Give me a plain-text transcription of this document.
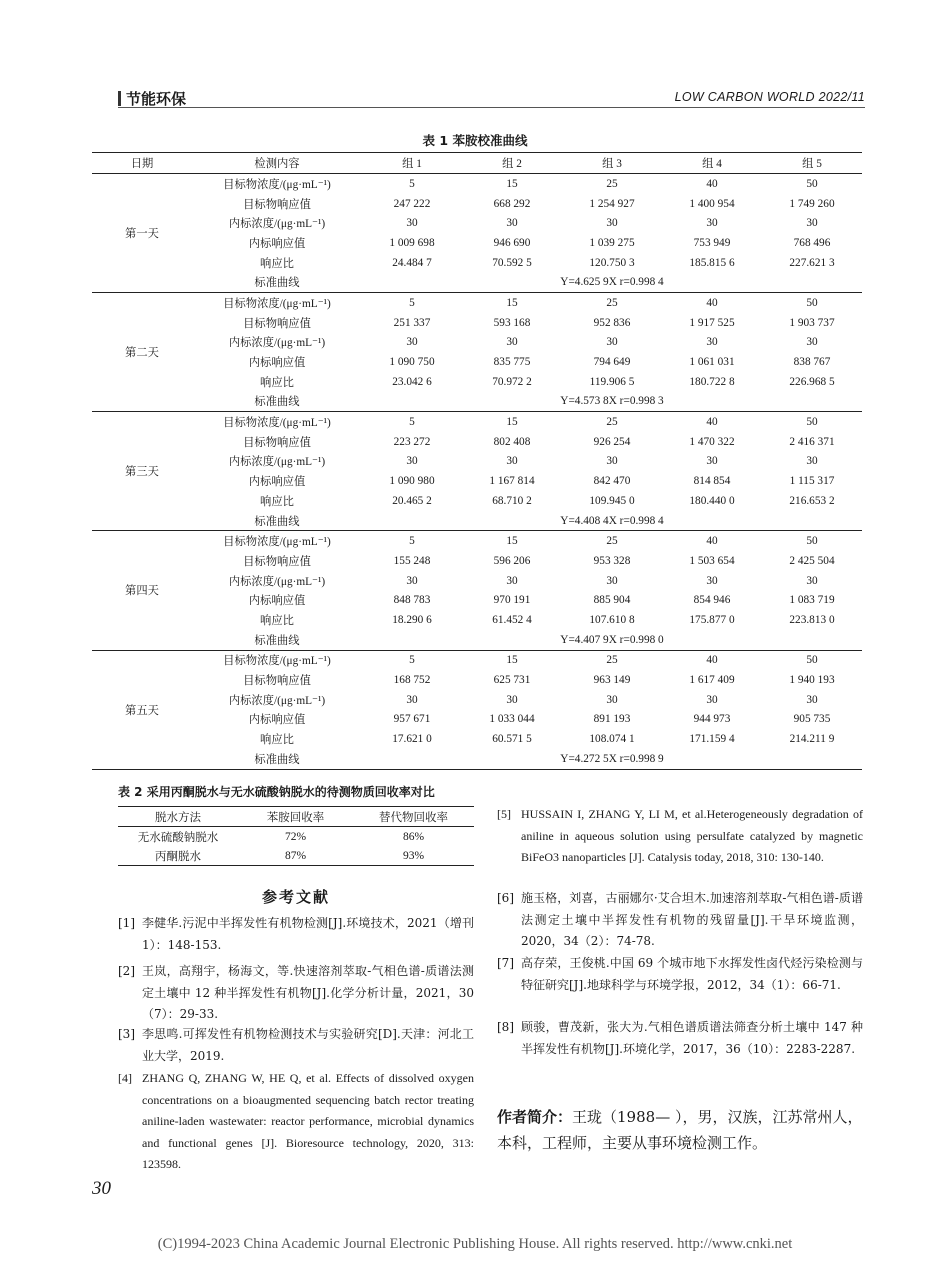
节能环保	LOW CARBON WORLD 2022/11
表 1 苯胺校准曲线
日期	检测内容	组 1	组 2	组 3	组 4	组 5
第一天	目标物浓度/(μg·mL⁻¹)	5	15	25	40	50
	目标物响应值	247 222	668 292	1 254 927	1 400 954	1 749 260
	内标浓度/(μg·mL⁻¹)	30	30	30	30	30
	内标响应值	1 009 698	946 690	1 039 275	753 949	768 496
	响应比	24.484 7	70.592 5	120.750 3	185.815 6	227.621 3
	标准曲线	Y=4.625 9X r=0.998 4				
第二天	目标物浓度/(μg·mL⁻¹)	5	15	25	40	50
	目标物响应值	251 337	593 168	952 836	1 917 525	1 903 737
	内标浓度/(μg·mL⁻¹)	30	30	30	30	30
	内标响应值	1 090 750	835 775	794 649	1 061 031	838 767
	响应比	23.042 6	70.972 2	119.906 5	180.722 8	226.968 5
	标准曲线	Y=4.573 8X r=0.998 3				
第三天	目标物浓度/(μg·mL⁻¹)	5	15	25	40	50
	目标物响应值	223 272	802 408	926 254	1 470 322	2 416 371
	内标浓度/(μg·mL⁻¹)	30	30	30	30	30
	内标响应值	1 090 980	1 167 814	842 470	814 854	1 115 317
	响应比	20.465 2	68.710 2	109.945 0	180.440 0	216.653 2
	标准曲线	Y=4.408 4X r=0.998 4				
第四天	目标物浓度/(μg·mL⁻¹)	5	15	25	40	50
	目标物响应值	155 248	596 206	953 328	1 503 654	2 425 504
	内标浓度/(μg·mL⁻¹)	30	30	30	30	30
	内标响应值	848 783	970 191	885 904	854 946	1 083 719
	响应比	18.290 6	61.452 4	107.610 8	175.877 0	223.813 0
	标准曲线	Y=4.407 9X r=0.998 0				
第五天	目标物浓度/(μg·mL⁻¹)	5	15	25	40	50
	目标物响应值	168 752	625 731	963 149	1 617 409	1 940 193
	内标浓度/(μg·mL⁻¹)	30	30	30	30	30
	内标响应值	957 671	1 033 044	891 193	944 973	905 735
	响应比	17.621 0	60.571 5	108.074 1	171.159 4	214.211 9
	标准曲线	Y=4.272 5X r=0.998 9				
表 2 采用丙酮脱水与无水硫酸钠脱水的待测物质回收率对比
脱水方法	苯胺回收率	替代物回收率
无水硫酸钠脱水	72%	86%
丙酮脱水	87%	93%
参考文献
[1] 李健华.污泥中半挥发性有机物检测[J].环境技术，2021（增刊 1）：148-153.
[2] 王岚，高翔宇，杨海文，等.快速溶剂萃取-气相色谱-质谱法测定土壤中 12 种半挥发性有机物[J].化学分析计量，2021，30（7）：29-33.
[3] 李思鸣.可挥发性有机物检测技术与实验研究[D].天津：河北工业大学，2019.
[4] ZHANG Q, ZHANG W, HE Q, et al. Effects of dissolved oxygen concentrations on a bioaugmented sequencing batch rector treating aniline-laden wastewater: reactor performance, microbial dynamics and functional genes [J]. Bioresource technology, 2020, 313: 123598.
[5] HUSSAIN I, ZHANG Y, LI M, et al.Heterogeneously degradation of aniline in aqueous solution using persulfate catalyzed by magnetic BiFeO3 nanoparticles [J]. Catalysis today, 2018, 310: 130-140.
[6] 施玉格，刘喜，古丽娜尔·艾合坦木.加速溶剂萃取-气相色谱-质谱法测定土壤中半挥发性有机物的残留量[J].干旱环境监测，2020，34（2）：74-78.
[7] 高存荣，王俊桃.中国 69 个城市地下水挥发性卤代烃污染检测与特征研究[J].地球科学与环境学报，2012，34（1）：66-71.
[8] 顾骏，曹茂新，张大为.气相色谱质谱法筛查分析土壤中 147 种半挥发性有机物[J].环境化学，2017，36（10）：2283-2287.
作者简介：王珑（1988— ），男，汉族，江苏常州人，本科，工程师，主要从事环境检测工作。
30
(C)1994-2023 China Academic Journal Electronic Publishing House. All rights reserved. http://www.cnki.net
